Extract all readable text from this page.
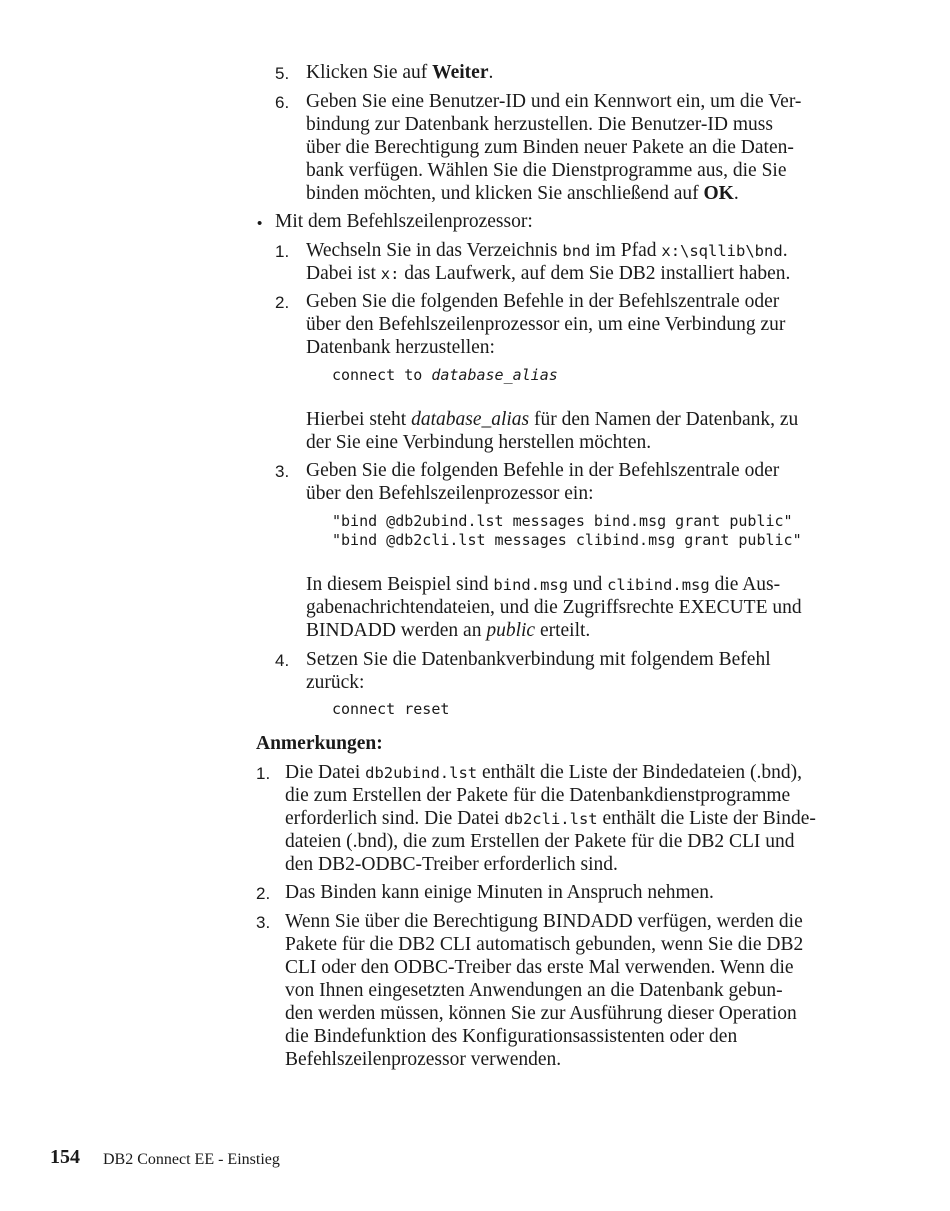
5. Klicken Sie auf Weiter.
6. Geben Sie eine Benutzer-ID und ein Kennwort ein, um die Ver-
bindung zur Datenbank herzustellen. Die Benutzer-ID muss
über die Berechtigung zum Binden neuer Pakete an die Daten-
bank verfügen. Wählen Sie die Dienstprogramme aus, die Sie
binden möchten, und klicken Sie anschließend auf OK.
• Mit dem Befehlszeilenprozessor:
1. Wechseln Sie in das Verzeichnis bnd im Pfad x:\sqllib\bnd.
Dabei ist x: das Laufwerk, auf dem Sie DB2 installiert haben.
2. Geben Sie die folgenden Befehle in der Befehlszentrale oder
über den Befehlszeilenprozessor ein, um eine Verbindung zur
Datenbank herzustellen:
connect to database_alias
Hierbei steht database_alias für den Namen der Datenbank, zu
der Sie eine Verbindung herstellen möchten.
3. Geben Sie die folgenden Befehle in der Befehlszentrale oder
über den Befehlszeilenprozessor ein:
"bind @db2ubind.lst messages bind.msg grant public"
"bind @db2cli.lst messages clibind.msg grant public"
In diesem Beispiel sind bind.msg und clibind.msg die Aus-
gabenachrichtendateien, und die Zugriffsrechte EXECUTE und
BINDADD werden an public erteilt.
4. Setzen Sie die Datenbankverbindung mit folgendem Befehl
zurück:
connect reset
Anmerkungen:
1. Die Datei db2ubind.lst enthält die Liste der Bindedateien (.bnd),
die zum Erstellen der Pakete für die Datenbankdienstprogramme
erforderlich sind. Die Datei db2cli.lst enthält die Liste der Binde-
dateien (.bnd), die zum Erstellen der Pakete für die DB2 CLI und
den DB2-ODBC-Treiber erforderlich sind.
2. Das Binden kann einige Minuten in Anspruch nehmen.
3. Wenn Sie über die Berechtigung BINDADD verfügen, werden die
Pakete für die DB2 CLI automatisch gebunden, wenn Sie die DB2
CLI oder den ODBC-Treiber das erste Mal verwenden. Wenn die
von Ihnen eingesetzten Anwendungen an die Datenbank gebun-
den werden müssen, können Sie zur Ausführung dieser Operation
die Bindefunktion des Konfigurationsassistenten oder den
Befehlszeilenprozessor verwenden.
154 DB2 Connect EE - Einstieg
